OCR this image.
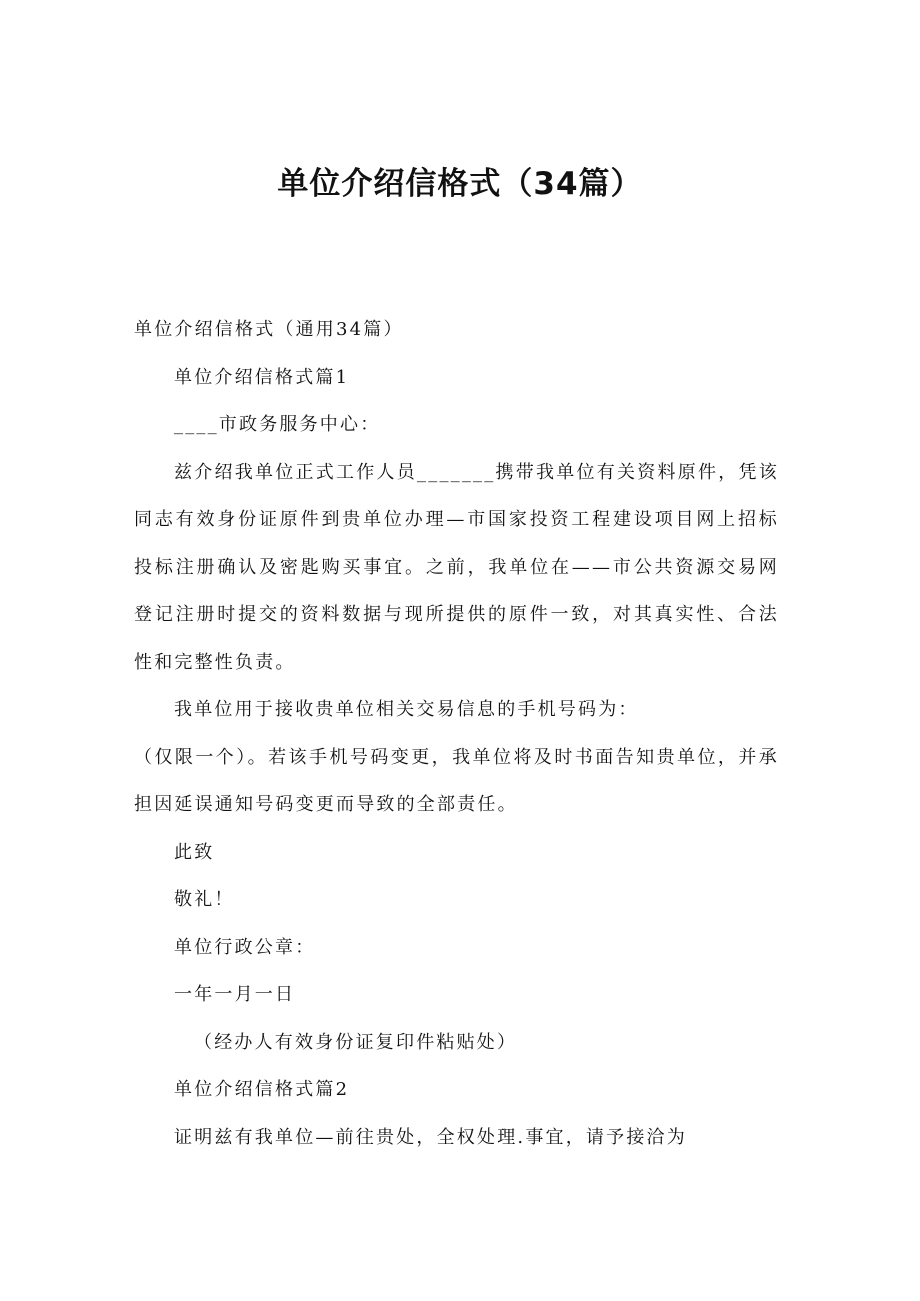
单位介绍信格式（34篇）

单位介绍信格式（通用34篇）

单位介绍信格式篇1

____市政务服务中心：

兹介绍我单位正式工作人员_______携带我单位有关资料原件，凭该同志有效身份证原件到贵单位办理—市国家投资工程建设项目网上招标投标注册确认及密匙购买事宜。之前，我单位在——市公共资源交易网登记注册时提交的资料数据与现所提供的原件一致，对其真实性、合法性和完整性负责。

我单位用于接收贵单位相关交易信息的手机号码为：

（仅限一个）。若该手机号码变更，我单位将及时书面告知贵单位，并承担因延误通知号码变更而导致的全部责任。

此致

敬礼！

单位行政公章：

一年一月一日

（经办人有效身份证复印件粘贴处）

单位介绍信格式篇2

证明兹有我单位—前往贵处，全权处理.事宜，请予接洽为
